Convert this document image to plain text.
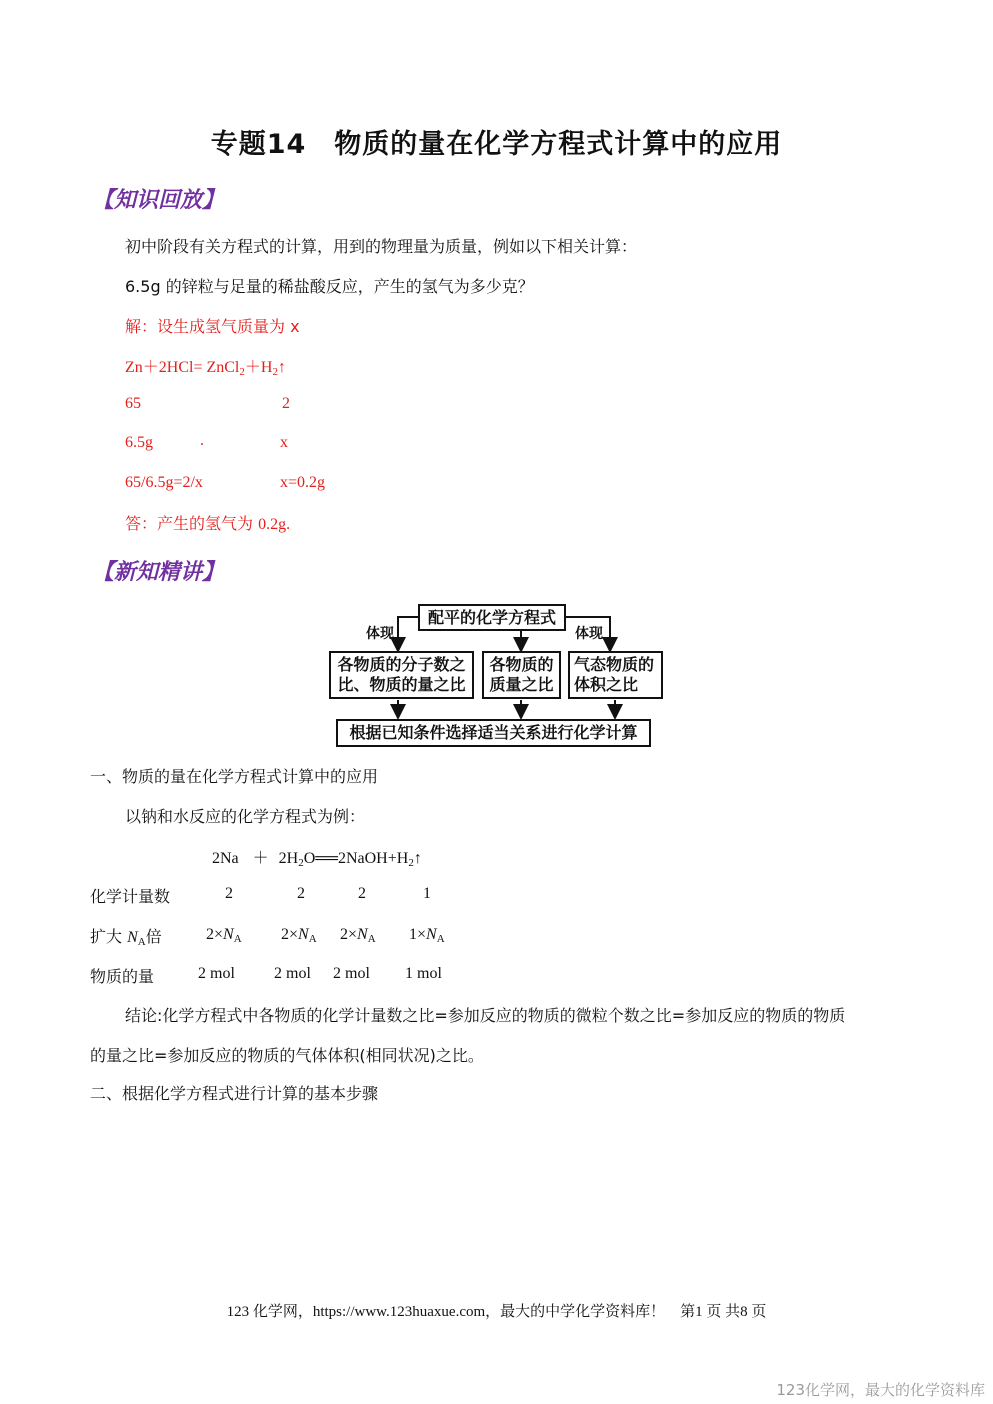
专题14　物质的量在化学方程式计算中的应用
【知识回放】
初中阶段有关方程式的计算，用到的物理量为质量，例如以下相关计算：
6.5g 的锌粒与足量的稀盐酸反应，产生的氢气为多少克？
解：设生成氢气质量为 x
$Zn+2HCl= ZnCl_2+H_2↑$
65	2
6.5g	.	x
65/6.5g=2/x	x=0.2g
答：产生的氢气为 0.2g.
【新知精讲】
配平的化学方程式
体现	体现
各物质的分子数之
比、物质的量之比
各物质的
质量之比
气态物质的
体积之比
根据已知条件选择适当关系进行化学计算
一、物质的量在化学方程式计算中的应用
以钠和水反应的化学方程式为例：
$2Na + 2H_2O══2NaOH+H_2↑$
化学计量数	2	2	2	1
扩大 $N_A$倍	$2\times N_A$ $2\times N_A$ $2\times N_A$ $1\times N_A$
物质的量	2 mol 2 mol 2 mol 1 mol
结论:化学方程式中各物质的化学计量数之比=参加反应的物质的微粒个数之比=参加反应的物质的物质
的量之比=参加反应的物质的气体体积(相同状况)之比。
二、根据化学方程式进行计算的基本步骤
123 化学网，https://www.123huaxue.com，最大的中学化学资料库！　第1 页 共8 页
123化学网，最大的化学资料库
